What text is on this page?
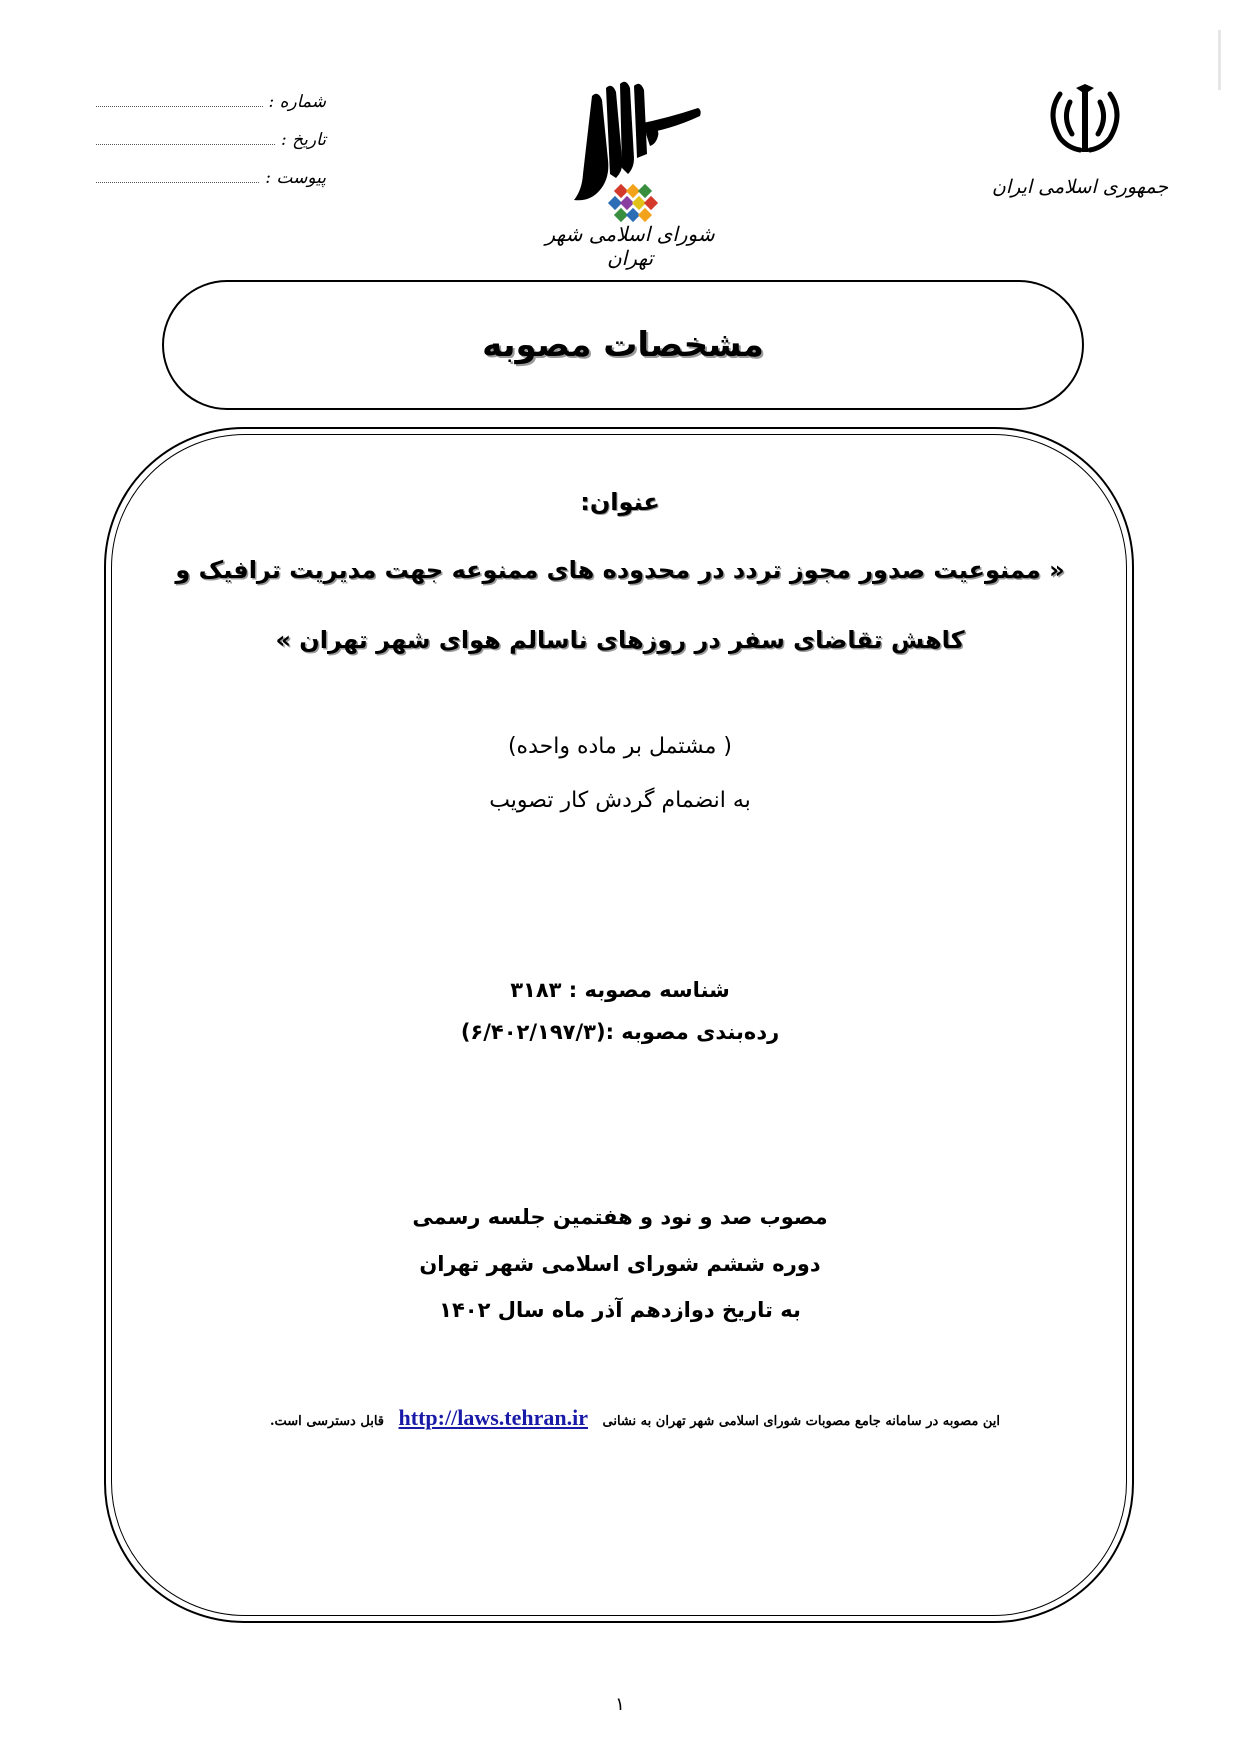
شماره :
تاریخ :
پیوست :
شورای اسلامی شهر تهران
جمهوری اسلامی ایران
مشخصات مصوبه
عنوان:
« ممنوعیت صدور مجوز تردد در محدوده های ممنوعه جهت مدیریت ترافیک و
کاهش تقاضای سفر در روزهای ناسالم هوای شهر تهران »
( مشتمل بر ماده واحده)
به انضمام گردش کار تصویب
شناسه مصوبه : ۳۱۸۳
رده‌بندی مصوبه :(۶/۴۰۲/۱۹۷/۳)
مصوب صد و نود و هفتمین جلسه رسمی
دوره ششم شورای اسلامی شهر تهران
به تاریخ دوازدهم آذر ماه سال ۱۴۰۲
این مصوبه در سامانه جامع مصوبات شورای اسلامی شهر تهران به نشانی http://laws.tehran.ir قابل دسترسی است.
۱
